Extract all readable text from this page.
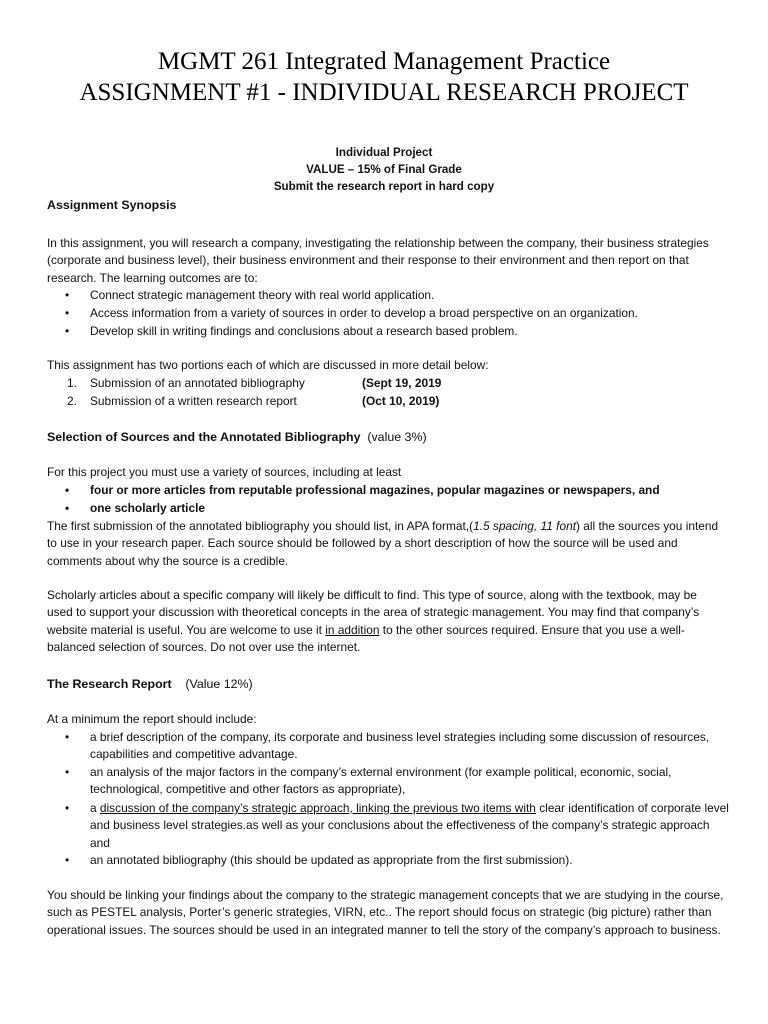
MGMT 261 Integrated Management Practice
ASSIGNMENT #1 - INDIVIDUAL RESEARCH PROJECT
Individual Project
VALUE – 15% of Final Grade
Submit the research report in hard copy
Assignment Synopsis

In this assignment, you will research a company, investigating the relationship between the company, their business strategies (corporate and business level), their business environment and their response to their environment and then report on that research. The learning outcomes are to:

• Connect strategic management theory with real world application.

• Access information from a variety of sources in order to develop a broad perspective on an organization.

• Develop skill in writing findings and conclusions about a research based problem.

This assignment has two portions each of which are discussed in more detail below:

1.	Submission of an annotated bibliography	(Sept 19, 2019
2.	Submission of a written research report	(Oct 10, 2019)
Selection of Sources and the Annotated Bibliography (value 3%)

For this project you must use a variety of sources, including at least

• four or more articles from reputable professional magazines, popular magazines or newspapers, and

• one scholarly article

The first submission of the annotated bibliography you should list, in APA format,(1.5 spacing, 11 font) all the sources you intend to use in your research paper. Each source should be followed by a short description of how the source will be used and comments about why the source is a credible.

Scholarly articles about a specific company will likely be difficult to find. This type of source, along with the textbook, may be used to support your discussion with theoretical concepts in the area of strategic management. You may find that company’s website material is useful. You are welcome to use it in addition to the other sources required. Ensure that you use a well-balanced selection of sources. Do not over use the internet.

The Research Report (Value 12%)

At a minimum the report should include:

• a brief description of the company, its corporate and business level strategies including some discussion of resources, capabilities and competitive advantage.

• an analysis of the major factors in the company’s external environment (for example political, economic, social, technological, competitive and other factors as appropriate),

• a discussion of the company’s strategic approach, linking the previous two items with clear identification of corporate level and business level strategies.as well as your conclusions about the effectiveness of the company’s strategic approach and

• an annotated bibliography (this should be updated as appropriate from the first submission).

You should be linking your findings about the company to the strategic management concepts that we are studying in the course, such as PESTEL analysis, Porter’s generic strategies, VIRN, etc.. The report should focus on strategic (big picture) rather than operational issues. The sources should be used in an integrated manner to tell the story of the company’s approach to business.
